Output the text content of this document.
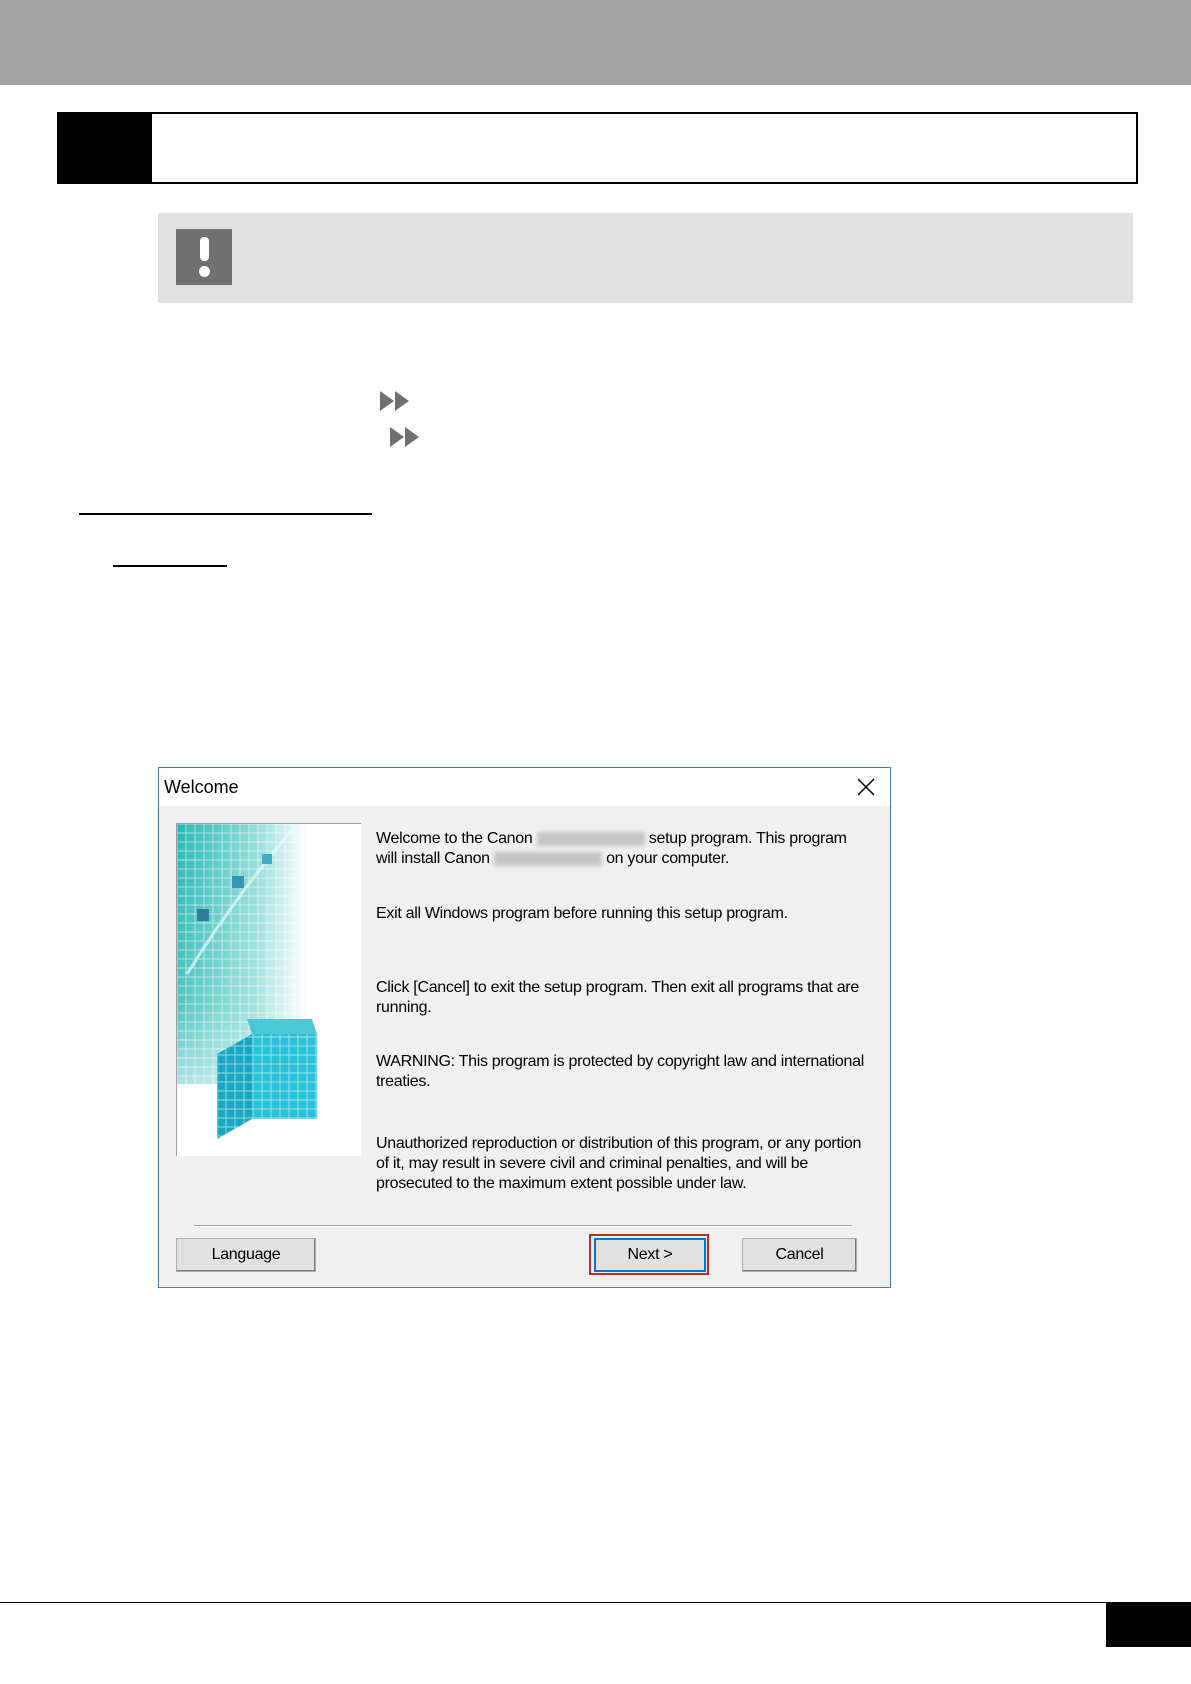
Welcome
Welcome to the Canon	setup program. This program
will install Canon	on your computer.
Exit all Windows program before running this setup program.
Click [Cancel] to exit the setup program. Then exit all programs that are running.
WARNING: This program is protected by copyright law and international treaties.
Unauthorized reproduction or distribution of this program, or any portion of it, may result in severe civil and criminal penalties, and will be prosecuted to the maximum extent possible under law.
Language	Next >	Cancel
